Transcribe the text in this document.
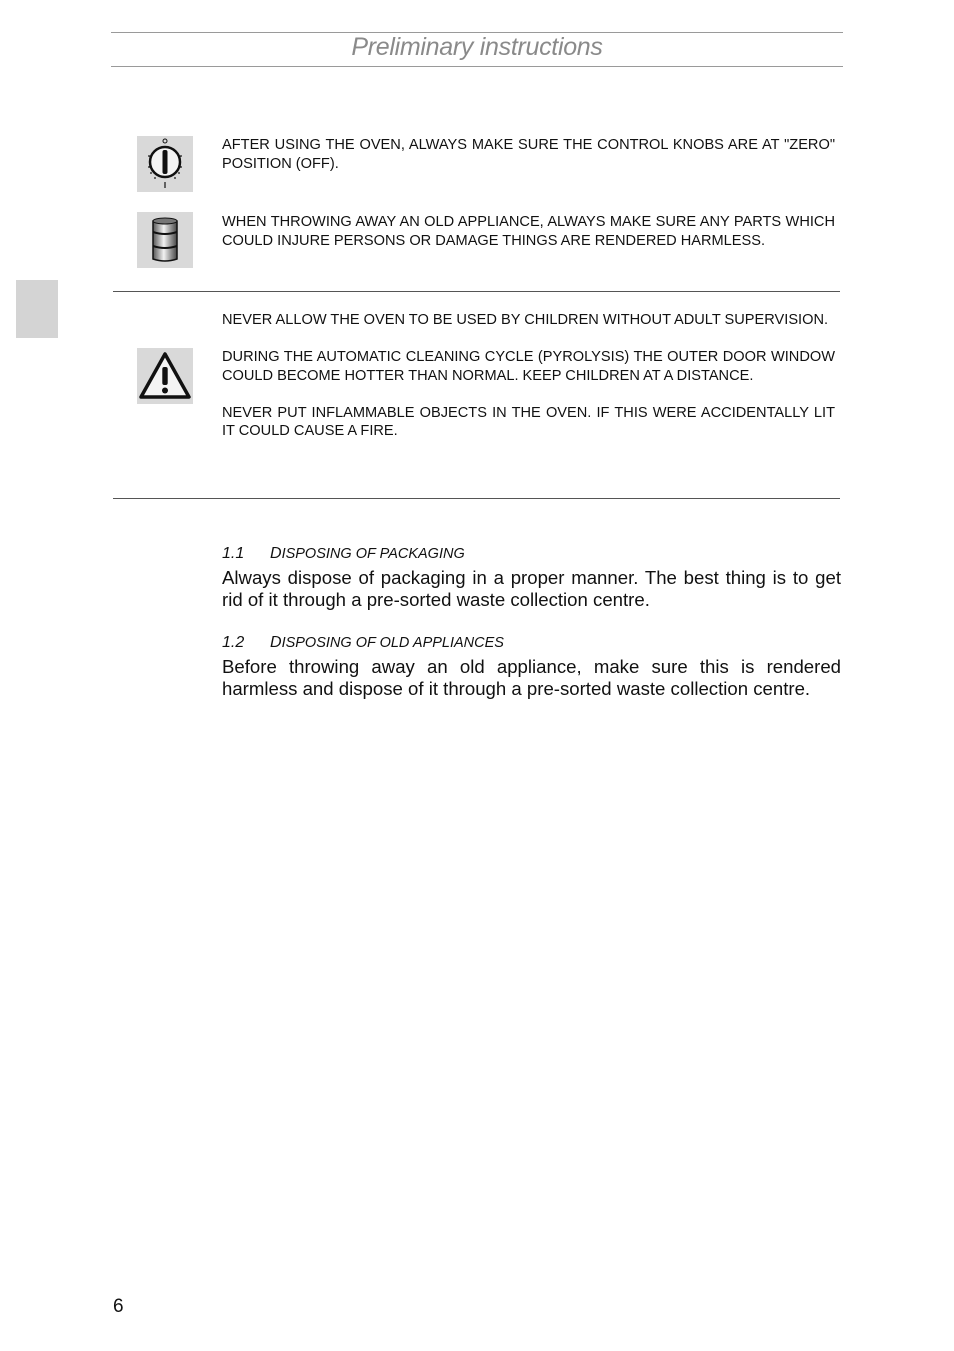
Preliminary instructions
AFTER USING THE OVEN, ALWAYS MAKE SURE THE CONTROL KNOBS ARE AT "ZERO" POSITION (OFF).
WHEN THROWING AWAY AN OLD APPLIANCE, ALWAYS MAKE SURE ANY PARTS WHICH COULD INJURE PERSONS OR DAMAGE THINGS ARE RENDERED HARMLESS.

NEVER ALLOW THE OVEN TO BE USED BY CHILDREN WITHOUT ADULT SUPERVISION.

DURING THE AUTOMATIC CLEANING CYCLE (PYROLYSIS) THE OUTER DOOR WINDOW COULD BECOME HOTTER THAN NORMAL. KEEP CHILDREN AT A DISTANCE.

NEVER PUT INFLAMMABLE OBJECTS IN THE OVEN. IF THIS WERE ACCIDENTALLY LIT IT COULD CAUSE A FIRE.

1.1 DISPOSING OF PACKAGING
Always dispose of packaging in a proper manner. The best thing is to get rid of it through a pre-sorted waste collection centre.
1.2 DISPOSING OF OLD APPLIANCES
Before throwing away an old appliance, make sure this is rendered harmless and dispose of it through a pre-sorted waste collection centre.
6
